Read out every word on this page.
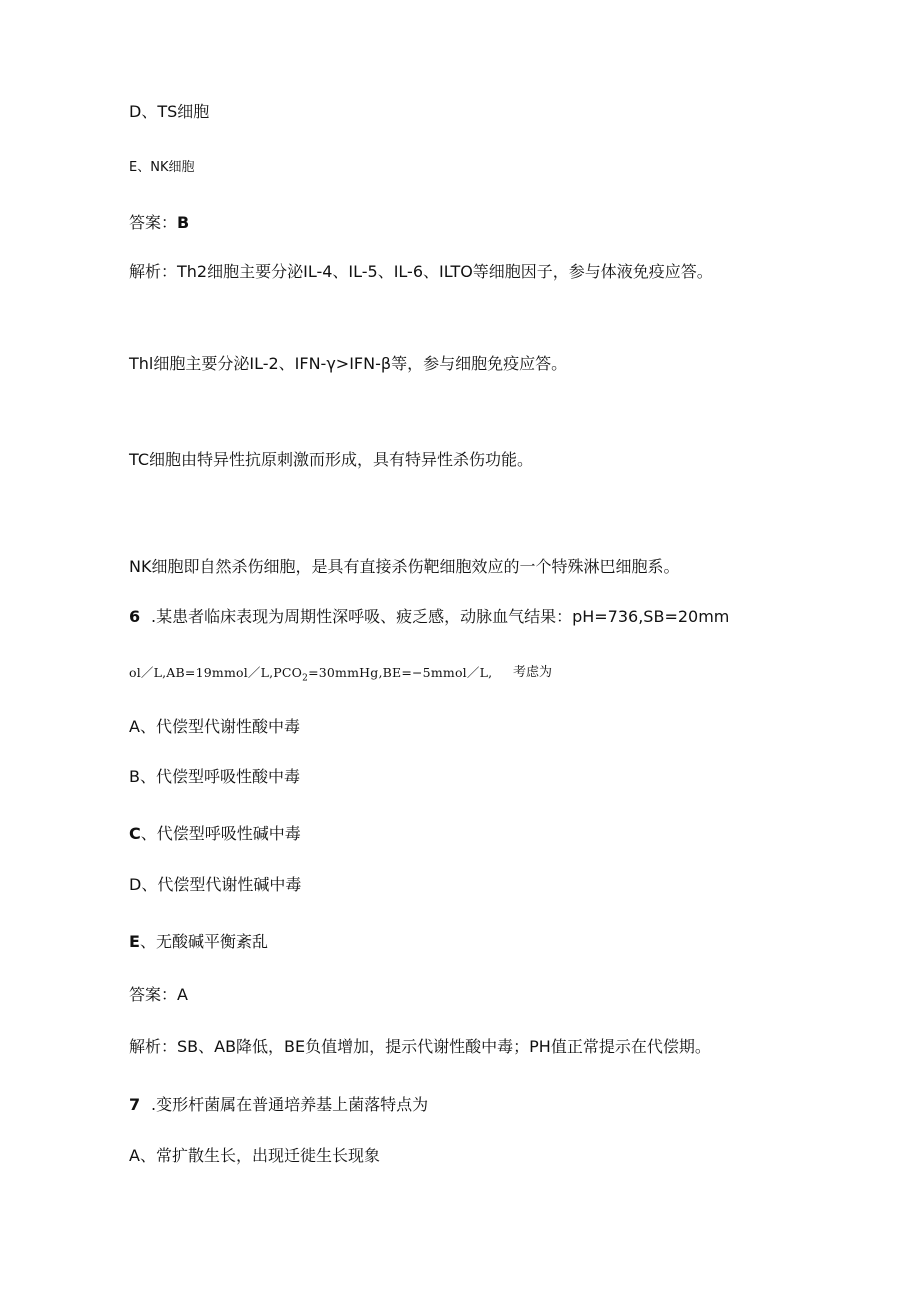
D、TS细胞
E、NK细胞
答案：B
解析：Th2细胞主要分泌IL-4、IL-5、IL-6、ILTO等细胞因子，参与体液免疫应答。
Thl细胞主要分泌IL-2、IFN-γ>IFN-β等，参与细胞免疫应答。
TC细胞由特异性抗原刺激而形成，具有特异性杀伤功能。
NK细胞即自然杀伤细胞，是具有直接杀伤靶细胞效应的一个特殊淋巴细胞系。
6 .某患者临床表现为周期性深呼吸、疲乏感，动脉血气结果：pH=736,SB=20mm
$ol/L,AB=19mmol/L,PCO_2=30mmHg,BE=-5mmol/L$, 考虑为
A、代偿型代谢性酸中毒
B、代偿型呼吸性酸中毒
C、代偿型呼吸性碱中毒
D、代偿型代谢性碱中毒
E、无酸碱平衡紊乱
答案：A
解析：SB、AB降低，BE负值增加，提示代谢性酸中毒；PH值正常提示在代偿期。
7 .变形杆菌属在普通培养基上菌落特点为
A、常扩散生长，出现迁徙生长现象
